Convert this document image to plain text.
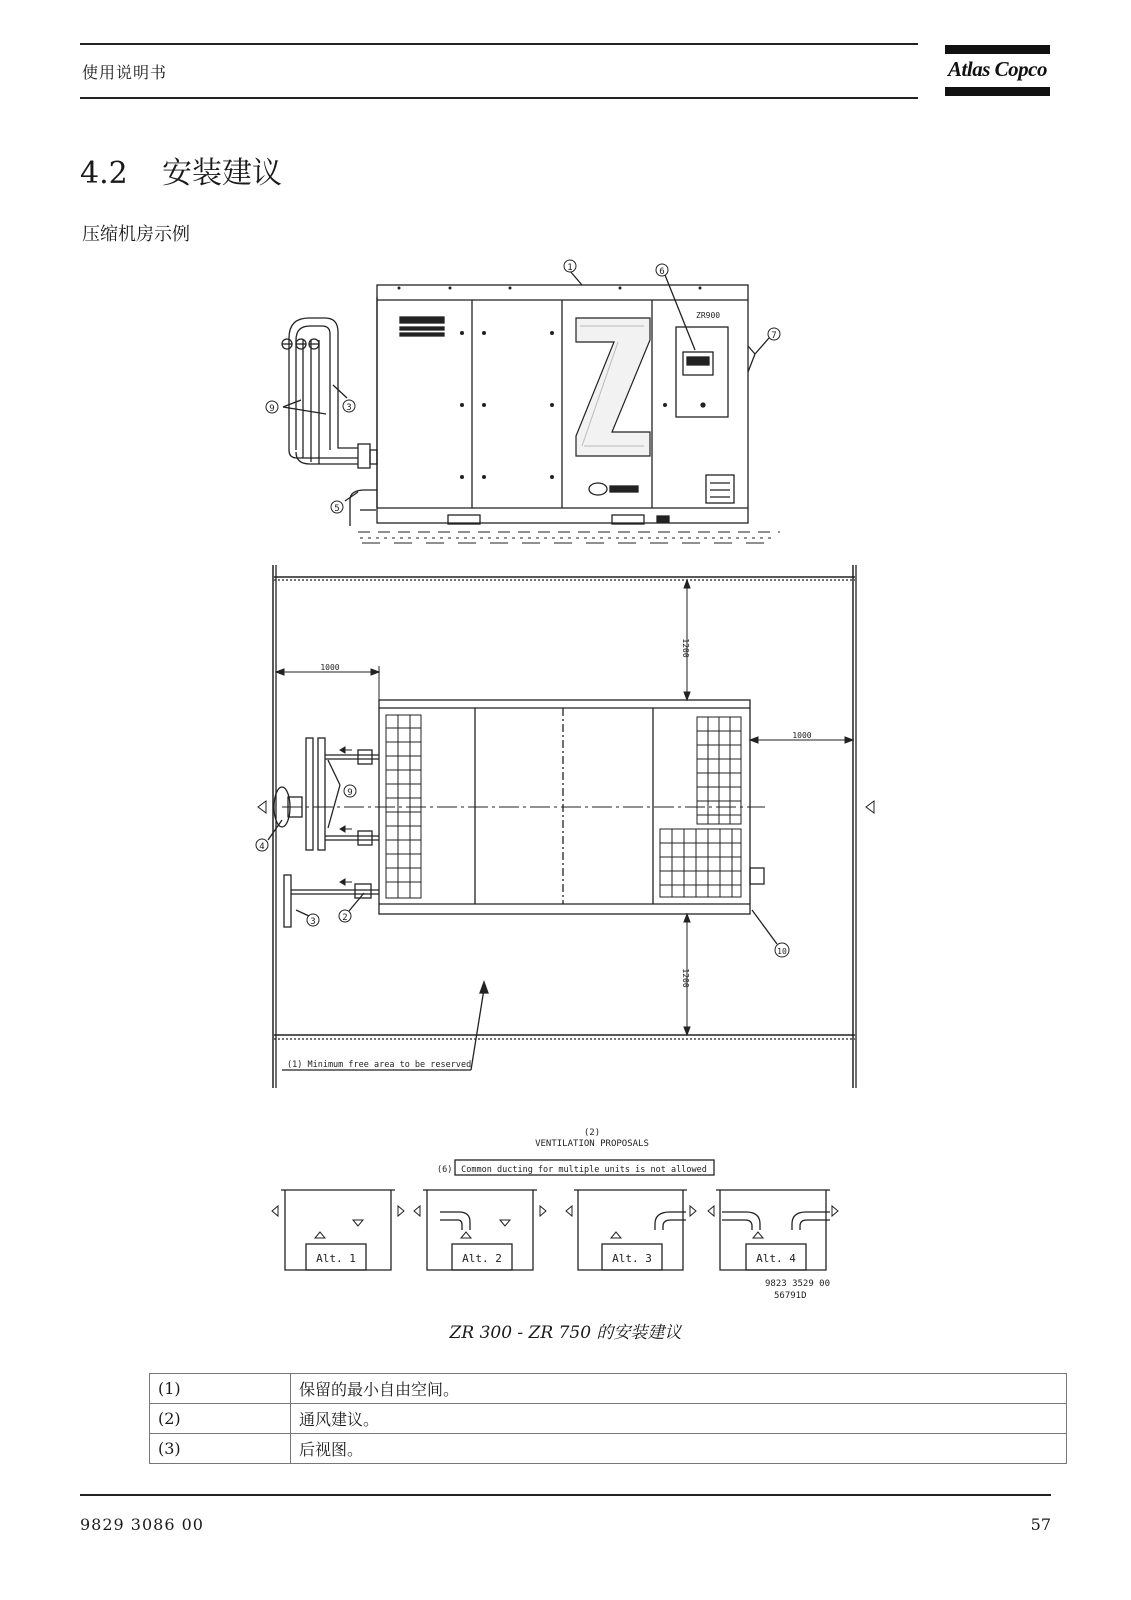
使用说明书	Atlas Copco
4.2 安装建议
压缩机房示例
ZR900
1	6
7
9	3
5
9
4
3	2
10
1200
1200
1000
1000
(1) Minimum free area to be reserved
(2)
VENTILATION PROPOSALS
(6) Common ducting for multiple units is not allowed
Alt. 1	Alt. 2	Alt. 3	Alt. 4
9823 3529 00
56791D
ZR 300 - ZR 750 的安装建议
(1)	保留的最小自由空间。
(2)	通风建议。
(3)	后视图。
9829 3086 00	57
